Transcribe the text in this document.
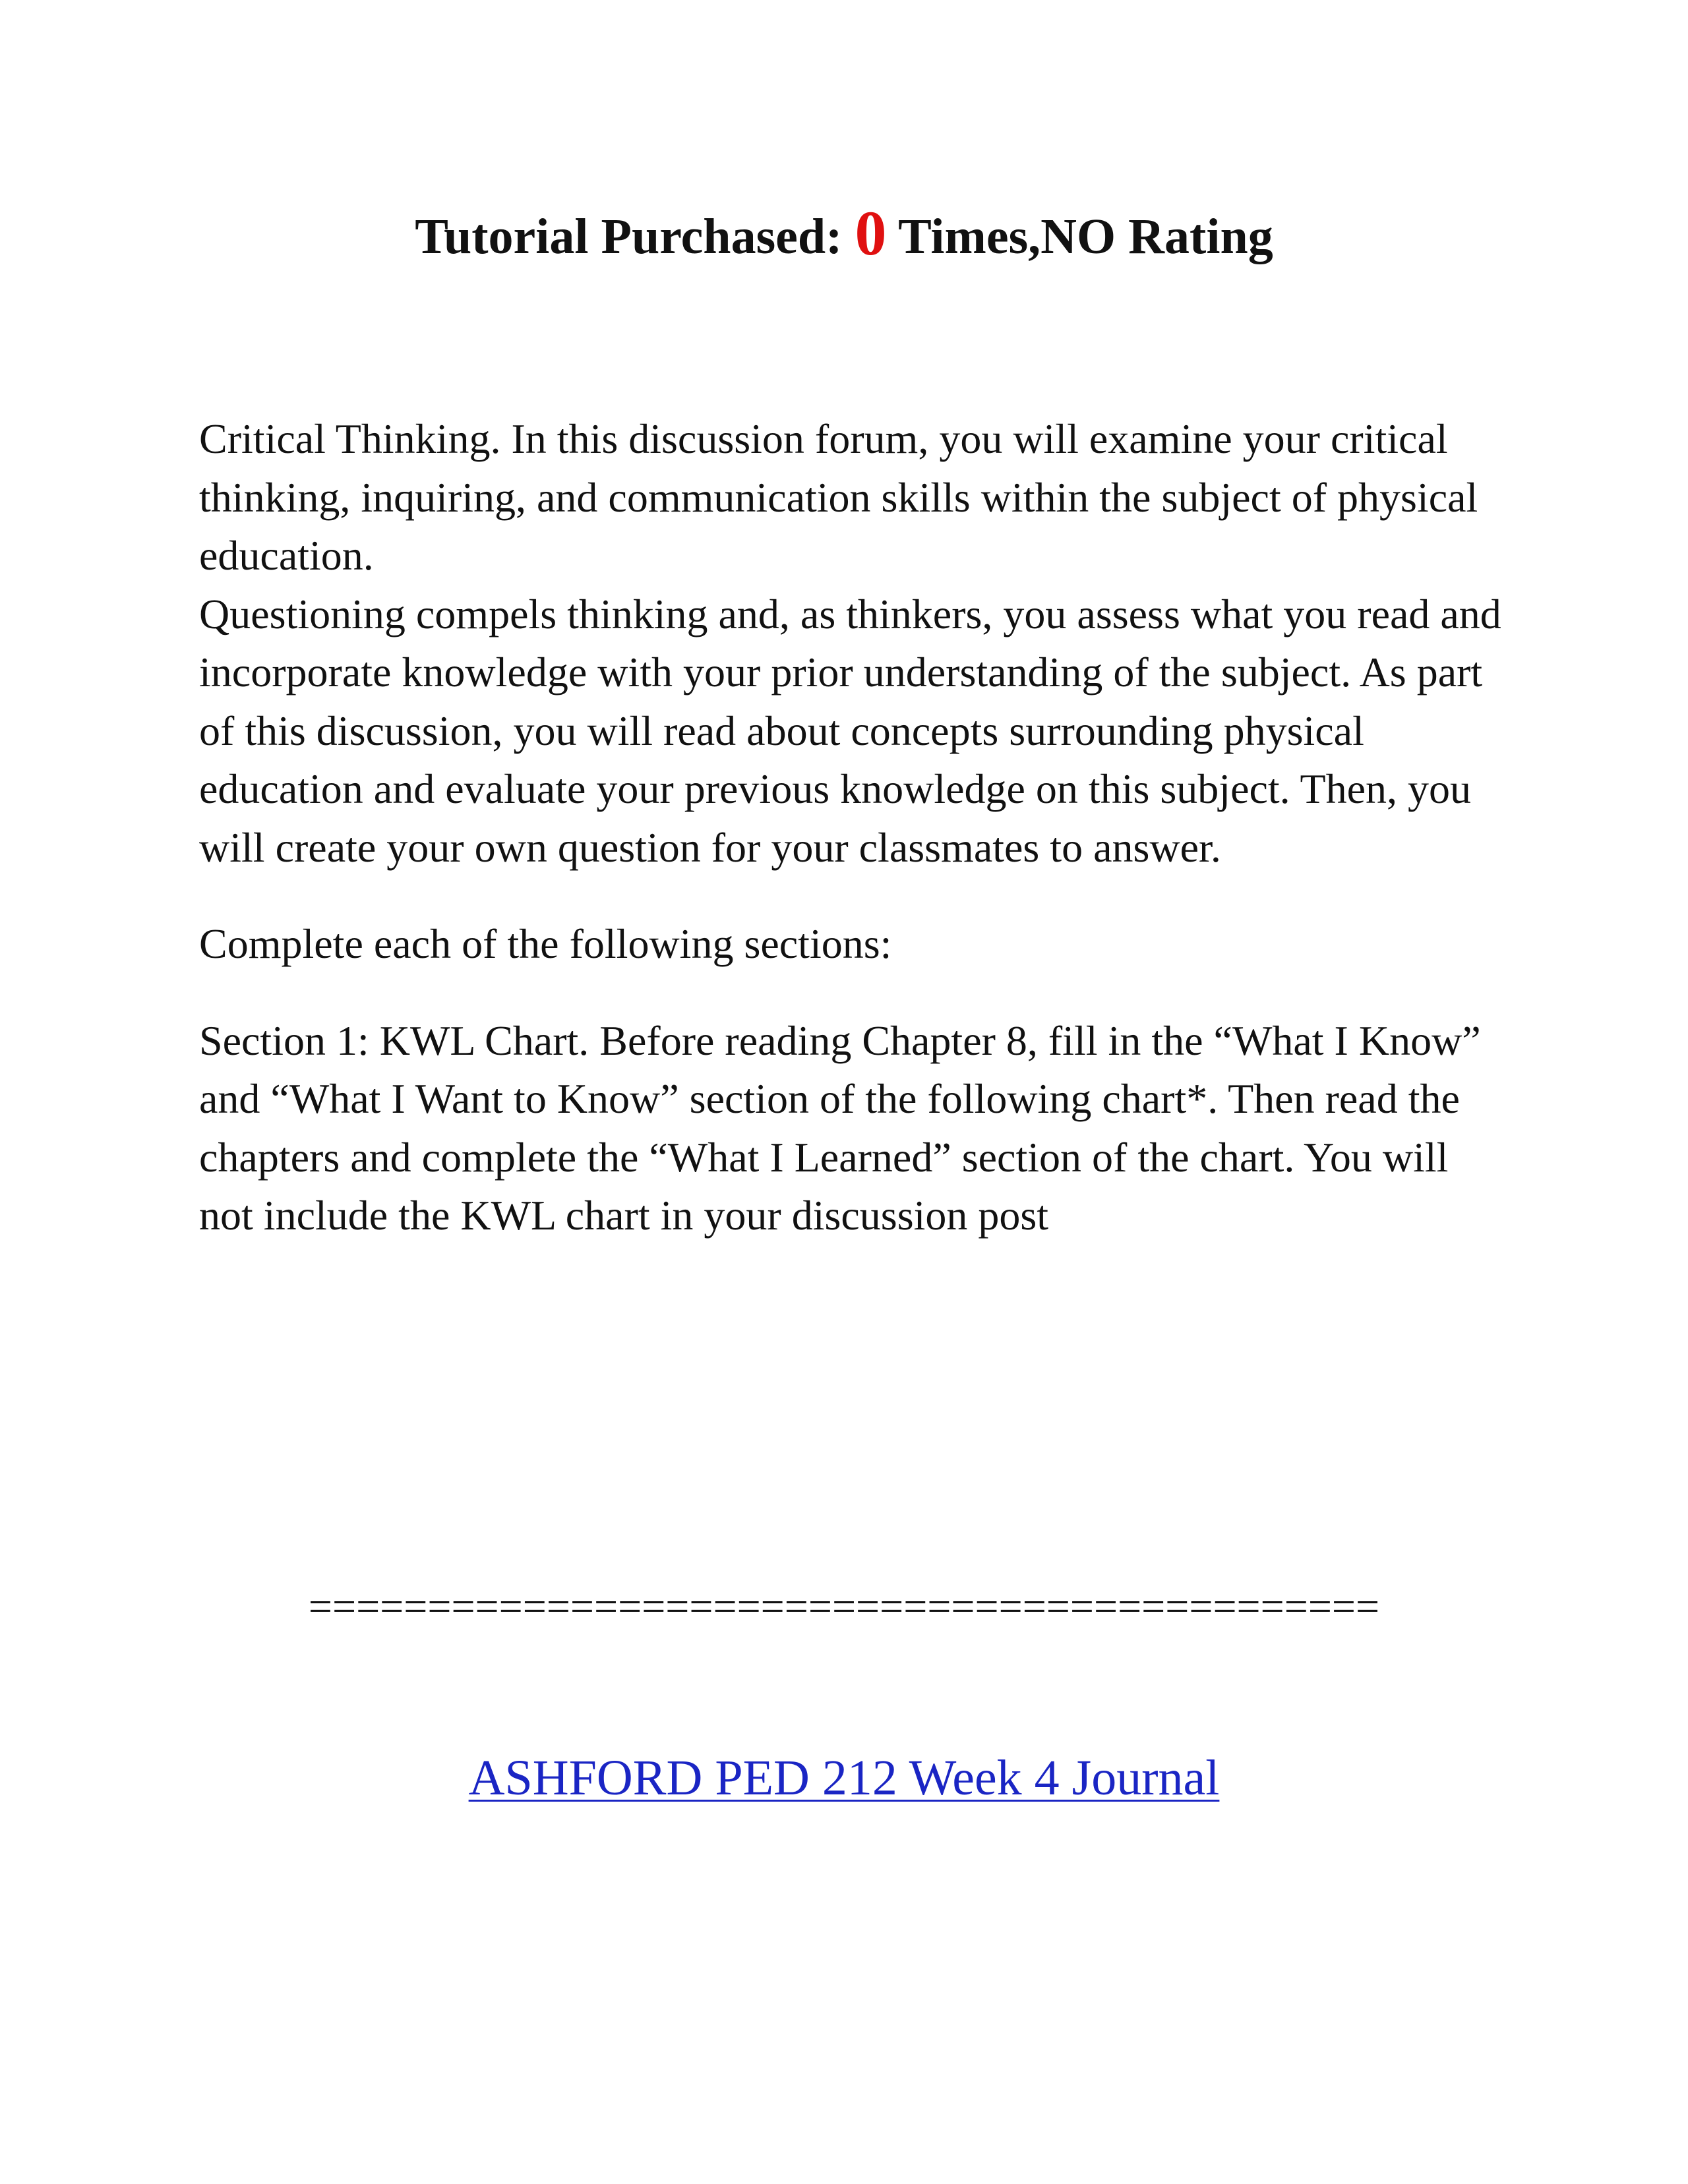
Tutorial Purchased: 0 Times,NO Rating

Critical Thinking. In this discussion forum, you will examine your critical thinking, inquiring, and communication skills within the subject of physical education.

Questioning compels thinking and, as thinkers, you assess what you read and incorporate knowledge with your prior understanding of the subject. As part of this discussion, you will read about concepts surrounding physical education and evaluate your previous knowledge on this subject. Then, you will create your own question for your classmates to answer.

Complete each of the following sections:

Section 1: KWL Chart. Before reading Chapter 8, fill in the “What I Know” and “What I Want to Know” section of the following chart*. Then read the chapters and complete the “What I Learned” section of the chart. You will not include the KWL chart in your discussion post

=============================================
ASHFORD PED 212 Week 4 Journal
